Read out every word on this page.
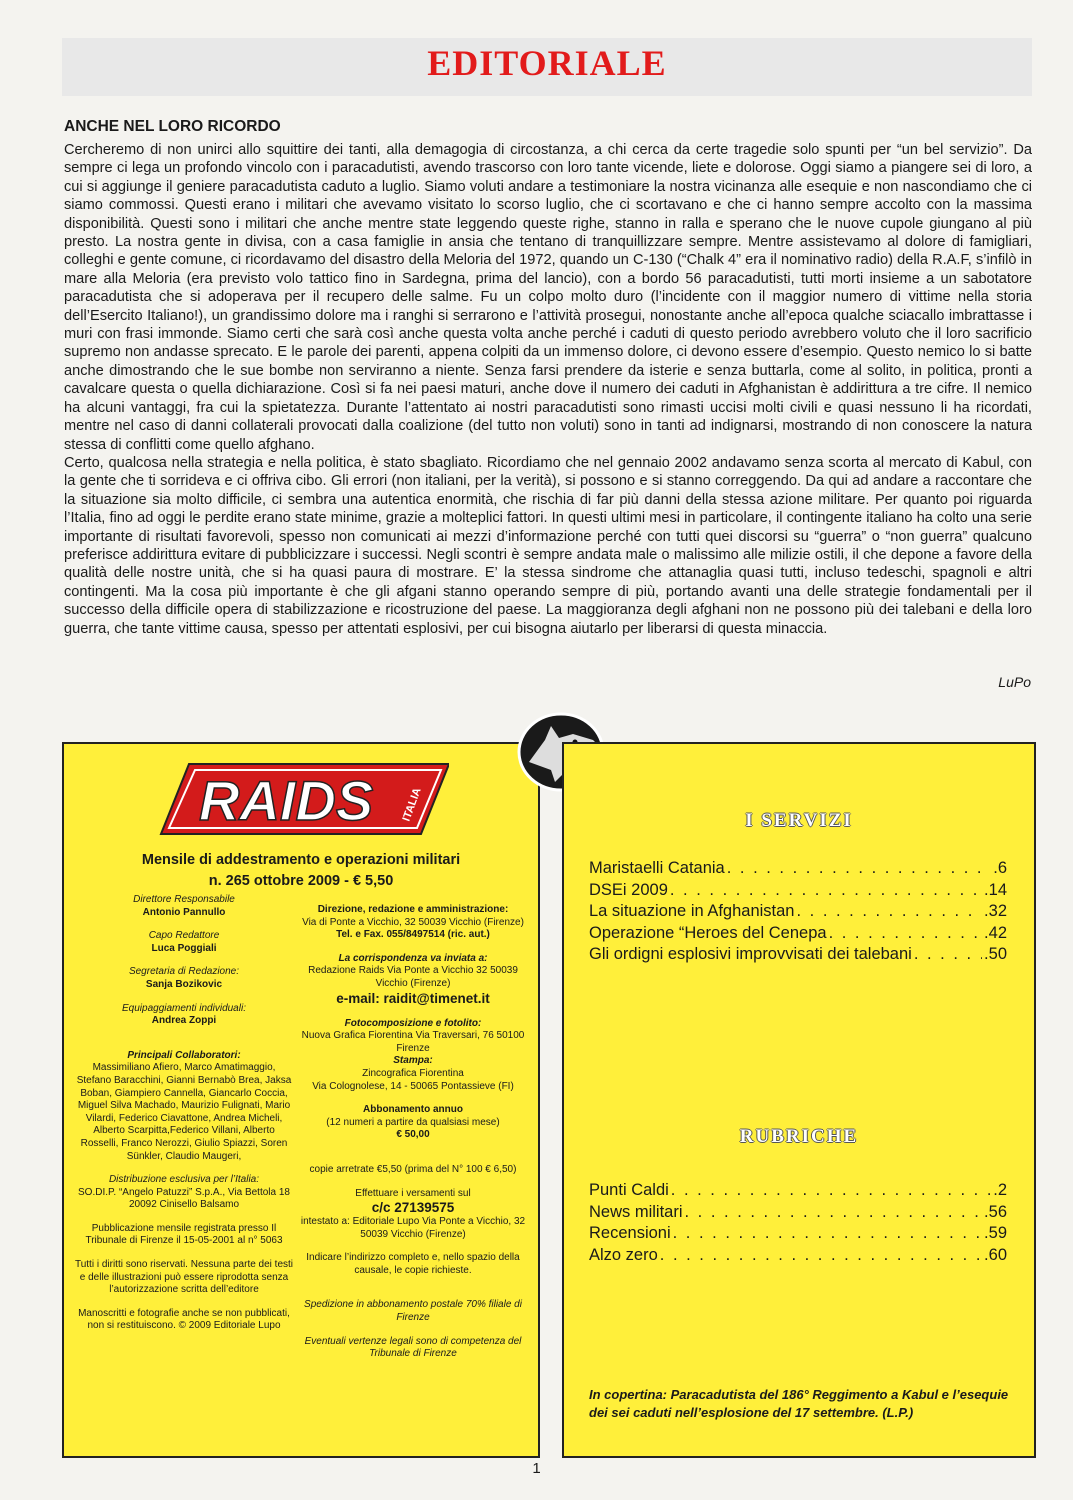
EDITORIALE
ANCHE NEL LORO RICORDO

Cercheremo di non unirci allo squittire dei tanti, alla demagogia di circostanza, a chi cerca da certe tragedie solo spunti per “un bel servizio”. Da sempre ci lega un profondo vincolo con i paracadutisti, avendo trascorso con loro tante vicende, liete e dolorose. Oggi siamo a piangere sei di loro, a cui si aggiunge il geniere paracadutista caduto a luglio. Siamo voluti andare a testimoniare la nostra vicinanza alle esequie e non nascondiamo che ci siamo commossi. Questi erano i militari che avevamo visitato lo scorso luglio, che ci scortavano e che ci hanno sempre accolto con la massima disponibilità. Questi sono i militari che anche mentre state leggendo queste righe, stanno in ralla e sperano che le nuove cupole giungano al più presto. La nostra gente in divisa, con a casa famiglie in ansia che tentano di tranquillizzare sempre. Mentre assistevamo al dolore di famigliari, colleghi e gente comune, ci ricordavamo del disastro della Meloria del 1972, quando un C-130 (“Chalk 4” era il nominativo radio) della R.A.F, s’infilò in mare alla Meloria (era previsto volo tattico fino in Sardegna, prima del lancio), con a bordo 56 paracadutisti, tutti morti insieme a un sabotatore paracadutista che si adoperava per il recupero delle salme. Fu un colpo molto duro (l’incidente con il maggior numero di vittime nella storia dell’Esercito Italiano!), un grandissimo dolore ma i ranghi si serrarono e l’attività prosegui, nonostante anche all’epoca qualche sciacallo imbrattasse i muri con frasi immonde. Siamo certi che sarà così anche questa volta anche perché i caduti di questo periodo avrebbero voluto che il loro sacrificio supremo non andasse sprecato. E le parole dei parenti, appena colpiti da un immenso dolore, ci devono essere d’esempio. Questo nemico lo si batte anche dimostrando che le sue bombe non serviranno a niente. Senza farsi prendere da isterie e senza buttarla, come al solito, in politica, pronti a cavalcare questa o quella dichiarazione. Così si fa nei paesi maturi, anche dove il numero dei caduti in Afghanistan è addirittura a tre cifre. Il nemico ha alcuni vantaggi, fra cui la spietatezza. Durante l’attentato ai nostri paracadutisti sono rimasti uccisi molti civili e quasi nessuno li ha ricordati, mentre nel caso di danni collaterali provocati dalla coalizione (del tutto non voluti) sono in tanti ad indignarsi, mostrando di non conoscere la natura stessa di conflitti come quello afghano.

Certo, qualcosa nella strategia e nella politica, è stato sbagliato. Ricordiamo che nel gennaio 2002 andavamo senza scorta al mercato di Kabul, con la gente che ti sorrideva e ci offriva cibo. Gli errori (non italiani, per la verità), si possono e si stanno correggendo. Da qui ad andare a raccontare che la situazione sia molto difficile, ci sembra una autentica enormità, che rischia di far più danni della stessa azione militare. Per quanto poi riguarda l’Italia, fino ad oggi le perdite erano state minime, grazie a molteplici fattori. In questi ultimi mesi in particolare, il contingente italiano ha colto una serie importante di risultati favorevoli, spesso non comunicati ai mezzi d’informazione perché con tutti quei discorsi su “guerra” o “non guerra” qualcuno preferisce addirittura evitare di pubblicizzare i successi. Negli scontri è sempre andata male o malissimo alle milizie ostili, il che depone a favore della qualità delle nostre unità, che si ha quasi paura di mostrare. E’ la stessa sindrome che attanaglia quasi tutti, incluso tedeschi, spagnoli e altri contingenti. Ma la cosa più importante è che gli afgani stanno operando sempre di più, portando avanti una delle strategie fondamentali per il successo della difficile opera di stabilizzazione e ricostruzione del paese. La maggioranza degli afghani non ne possono più dei talebani e della loro guerra, che tante vittime causa, spesso per attentati esplosivi, per cui bisogna aiutarlo per liberarsi di questa minaccia.

LuPo
RAIDS ITALIA
Mensile di addestramento e operazioni militari
n. 265 ottobre 2009 - € 5,50
Direttore Responsabile
Antonio Pannullo
Capo Redattore
Luca Poggiali
Segretaria di Redazione:
Sanja Bozikovic
Equipaggiamenti individuali:
Andrea Zoppi
Principali Collaboratori:
Massimiliano Afiero, Marco Amatimaggio, Stefano Baracchini, Gianni Bernabò Brea, Jaksa Boban, Giampiero Cannella, Giancarlo Coccia, Miguel Silva Machado, Maurizio Fulignati, Mario Vilardi, Federico Ciavattone, Andrea Micheli, Alberto Scarpitta,Federico Villani, Alberto Rosselli, Franco Nerozzi, Giulio Spiazzi, Soren Sünkler, Claudio Maugeri,
Distribuzione esclusiva per l’Italia:
SO.DI.P. “Angelo Patuzzi” S.p.A., Via Bettola 18 20092 Cinisello Balsamo
Pubblicazione mensile registrata presso Il Tribunale di Firenze il 15-05-2001 al n° 5063
Tutti i diritti sono riservati. Nessuna parte dei testi e delle illustrazioni può essere riprodotta senza l’autorizzazione scritta dell’editore
Manoscritti e fotografie anche se non pubblicati, non si restituiscono. © 2009 Editoriale Lupo
Direzione, redazione e amministrazione:
Via di Ponte a Vicchio, 32 50039 Vicchio (Firenze)
Tel. e Fax. 055/8497514 (ric. aut.)
La corrispondenza va inviata a:
Redazione Raids Via Ponte a Vicchio 32 50039 Vicchio (Firenze)
e-mail: raidit@timenet.it
Fotocomposizione e fotolito:
Nuova Grafica Fiorentina Via Traversari, 76 50100 Firenze
Stampa:
Zincografica Fiorentina
Via Colognolese, 14 - 50065 Pontassieve (FI)
Abbonamento annuo
(12 numeri a partire da qualsiasi mese)
€ 50,00
copie arretrate €5,50 (prima del N° 100 € 6,50)
Effettuare i versamenti sul
c/c 27139575
intestato a: Editoriale Lupo Via Ponte a Vicchio, 32 50039 Vicchio (Firenze)
Indicare l’indirizzo completo e, nello spazio della causale, le copie richieste.
Spedizione in abbonamento postale 70% filiale di Firenze
Eventuali vertenze legali sono di competenza del Tribunale di Firenze
I SERVIZI
Maristaelli Catania . . .	. 6
DSEi 2009 . . .	. 14
La situazione in Afghanistan . . .	. 32
Operazione “Heroes del Cenepa . . .	. 42
Gli ordigni esplosivi improvvisati dei talebani . . .	. 50
RUBRICHE
Punti Caldi . . .	. 2
News militari . . .	. 56
Recensioni . . .	. 59
Alzo zero . . .	. 60
In copertina: Paracadutista del 186° Reggimento a Kabul e l’esequie dei sei caduti nell’esplosione del 17 settembre. (L.P.)
1
